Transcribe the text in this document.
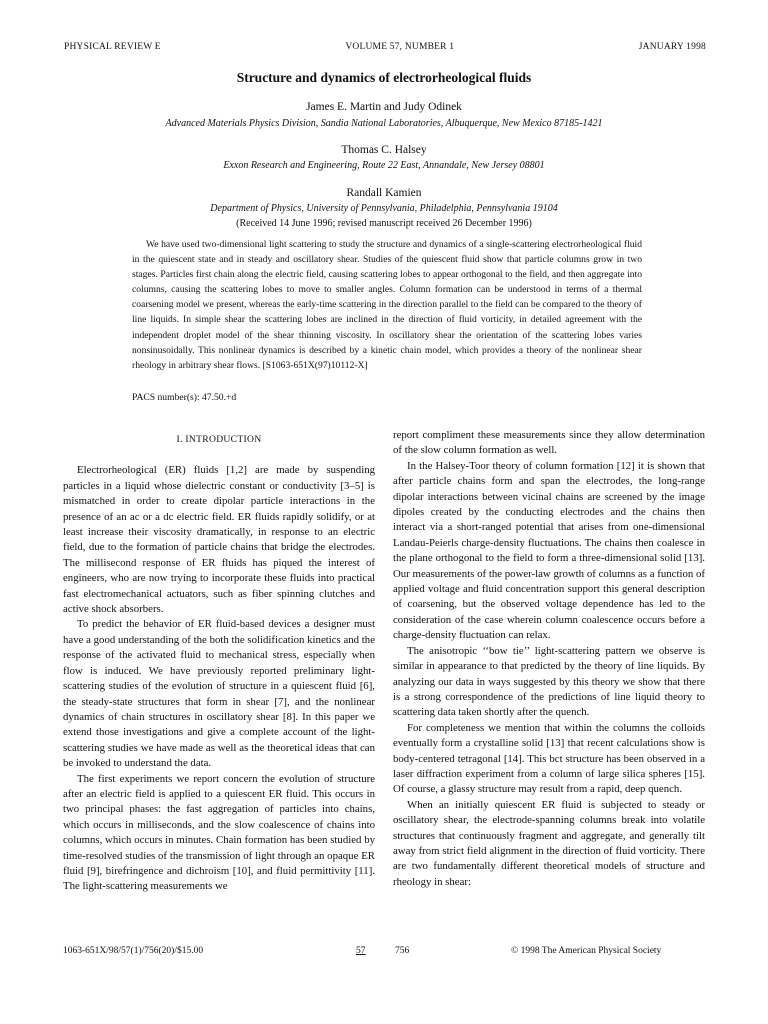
PHYSICAL REVIEW E	VOLUME 57, NUMBER 1	JANUARY 1998
Structure and dynamics of electrorheological fluids
James E. Martin and Judy Odinek
Advanced Materials Physics Division, Sandia National Laboratories, Albuquerque, New Mexico 87185-1421
Thomas C. Halsey
Exxon Research and Engineering, Route 22 East, Annandale, New Jersey 08801
Randall Kamien
Department of Physics, University of Pennsylvania, Philadelphia, Pennsylvania 19104
(Received 14 June 1996; revised manuscript received 26 December 1996)

We have used two-dimensional light scattering to study the structure and dynamics of a single-scattering electrorheological fluid in the quiescent state and in steady and oscillatory shear. Studies of the quiescent fluid show that particle columns grow in two stages. Particles first chain along the electric field, causing scattering lobes to appear orthogonal to the field, and then aggregate into columns, causing the scattering lobes to move to smaller angles. Column formation can be understood in terms of a thermal coarsening model we present, whereas the early-time scattering in the direction parallel to the field can be compared to the theory of line liquids. In simple shear the scattering lobes are inclined in the direction of fluid vorticity, in detailed agreement with the independent droplet model of the shear thinning viscosity. In oscillatory shear the orientation of the scattering lobes varies nonsinusoidally. This nonlinear dynamics is described by a kinetic chain model, which provides a theory of the nonlinear shear rheology in arbitrary shear flows. [S1063-651X(97)10112-X]

PACS number(s): 47.50.+d
I. INTRODUCTION

Electrorheological (ER) fluids [1,2] are made by suspending particles in a liquid whose dielectric constant or conductivity [3–5] is mismatched in order to create dipolar particle interactions in the presence of an ac or a dc electric field. ER fluids rapidly solidify, or at least increase their viscosity dramatically, in response to an electric field, due to the formation of particle chains that bridge the electrodes. The millisecond response of ER fluids has piqued the interest of engineers, who are now trying to incorporate these fluids into practical fast electromechanical actuators, such as fiber spinning clutches and active shock absorbers.

To predict the behavior of ER fluid-based devices a designer must have a good understanding of the both the solidification kinetics and the response of the activated fluid to mechanical stress, especially when flow is induced. We have previously reported preliminary light-scattering studies of the evolution of structure in a quiescent fluid [6], the steady-state structures that form in shear [7], and the nonlinear dynamics of chain structures in oscillatory shear [8]. In this paper we extend those investigations and give a complete account of the light-scattering studies we have made as well as the theoretical ideas that can be invoked to understand the data.

The first experiments we report concern the evolution of structure after an electric field is applied to a quiescent ER fluid. This occurs in two principal phases: the fast aggregation of particles into chains, which occurs in milliseconds, and the slow coalescence of chains into columns, which occurs in minutes. Chain formation has been studied by time-resolved studies of the transmission of light through an opaque ER fluid [9], birefringence and dichroism [10], and fluid permittivity [11]. The light-scattering measurements we

report compliment these measurements since they allow determination of the slow column formation as well.

In the Halsey-Toor theory of column formation [12] it is shown that after particle chains form and span the electrodes, the long-range dipolar interactions between vicinal chains are screened by the image dipoles created by the conducting electrodes and the chains then interact via a short-ranged potential that arises from one-dimensional Landau-Peierls charge-density fluctuations. The chains then coalesce in the plane orthogonal to the field to form a three-dimensional solid [13]. Our measurements of the power-law growth of columns as a function of applied voltage and fluid concentration support this general description of coarsening, but the observed voltage dependence has led to the consideration of the case wherein column coalescence occurs before a charge-density fluctuation can relax.

The anisotropic ‘‘bow tie’’ light-scattering pattern we observe is similar in appearance to that predicted by the theory of line liquids. By analyzing our data in ways suggested by this theory we show that there is a strong correspondence of the predictions of line liquid theory to scattering data taken shortly after the quench.

For completeness we mention that within the columns the colloids eventually form a crystalline solid [13] that recent calculations show is body-centered tetragonal [14]. This bct structure has been observed in a laser diffraction experiment from a column of large silica spheres [15]. Of course, a glassy structure may result from a rapid, deep quench.

When an initially quiescent ER fluid is subjected to steady or oscillatory shear, the electrode-spanning columns break into volatile structures that continuously fragment and aggregate, and generally tilt away from strict field alignment in the direction of fluid vorticity. There are two fundamentally different theoretical models of structure and rheology in shear:

1063-651X/98/57(1)/756(20)/$15.00	57	756	© 1998 The American Physical Society
